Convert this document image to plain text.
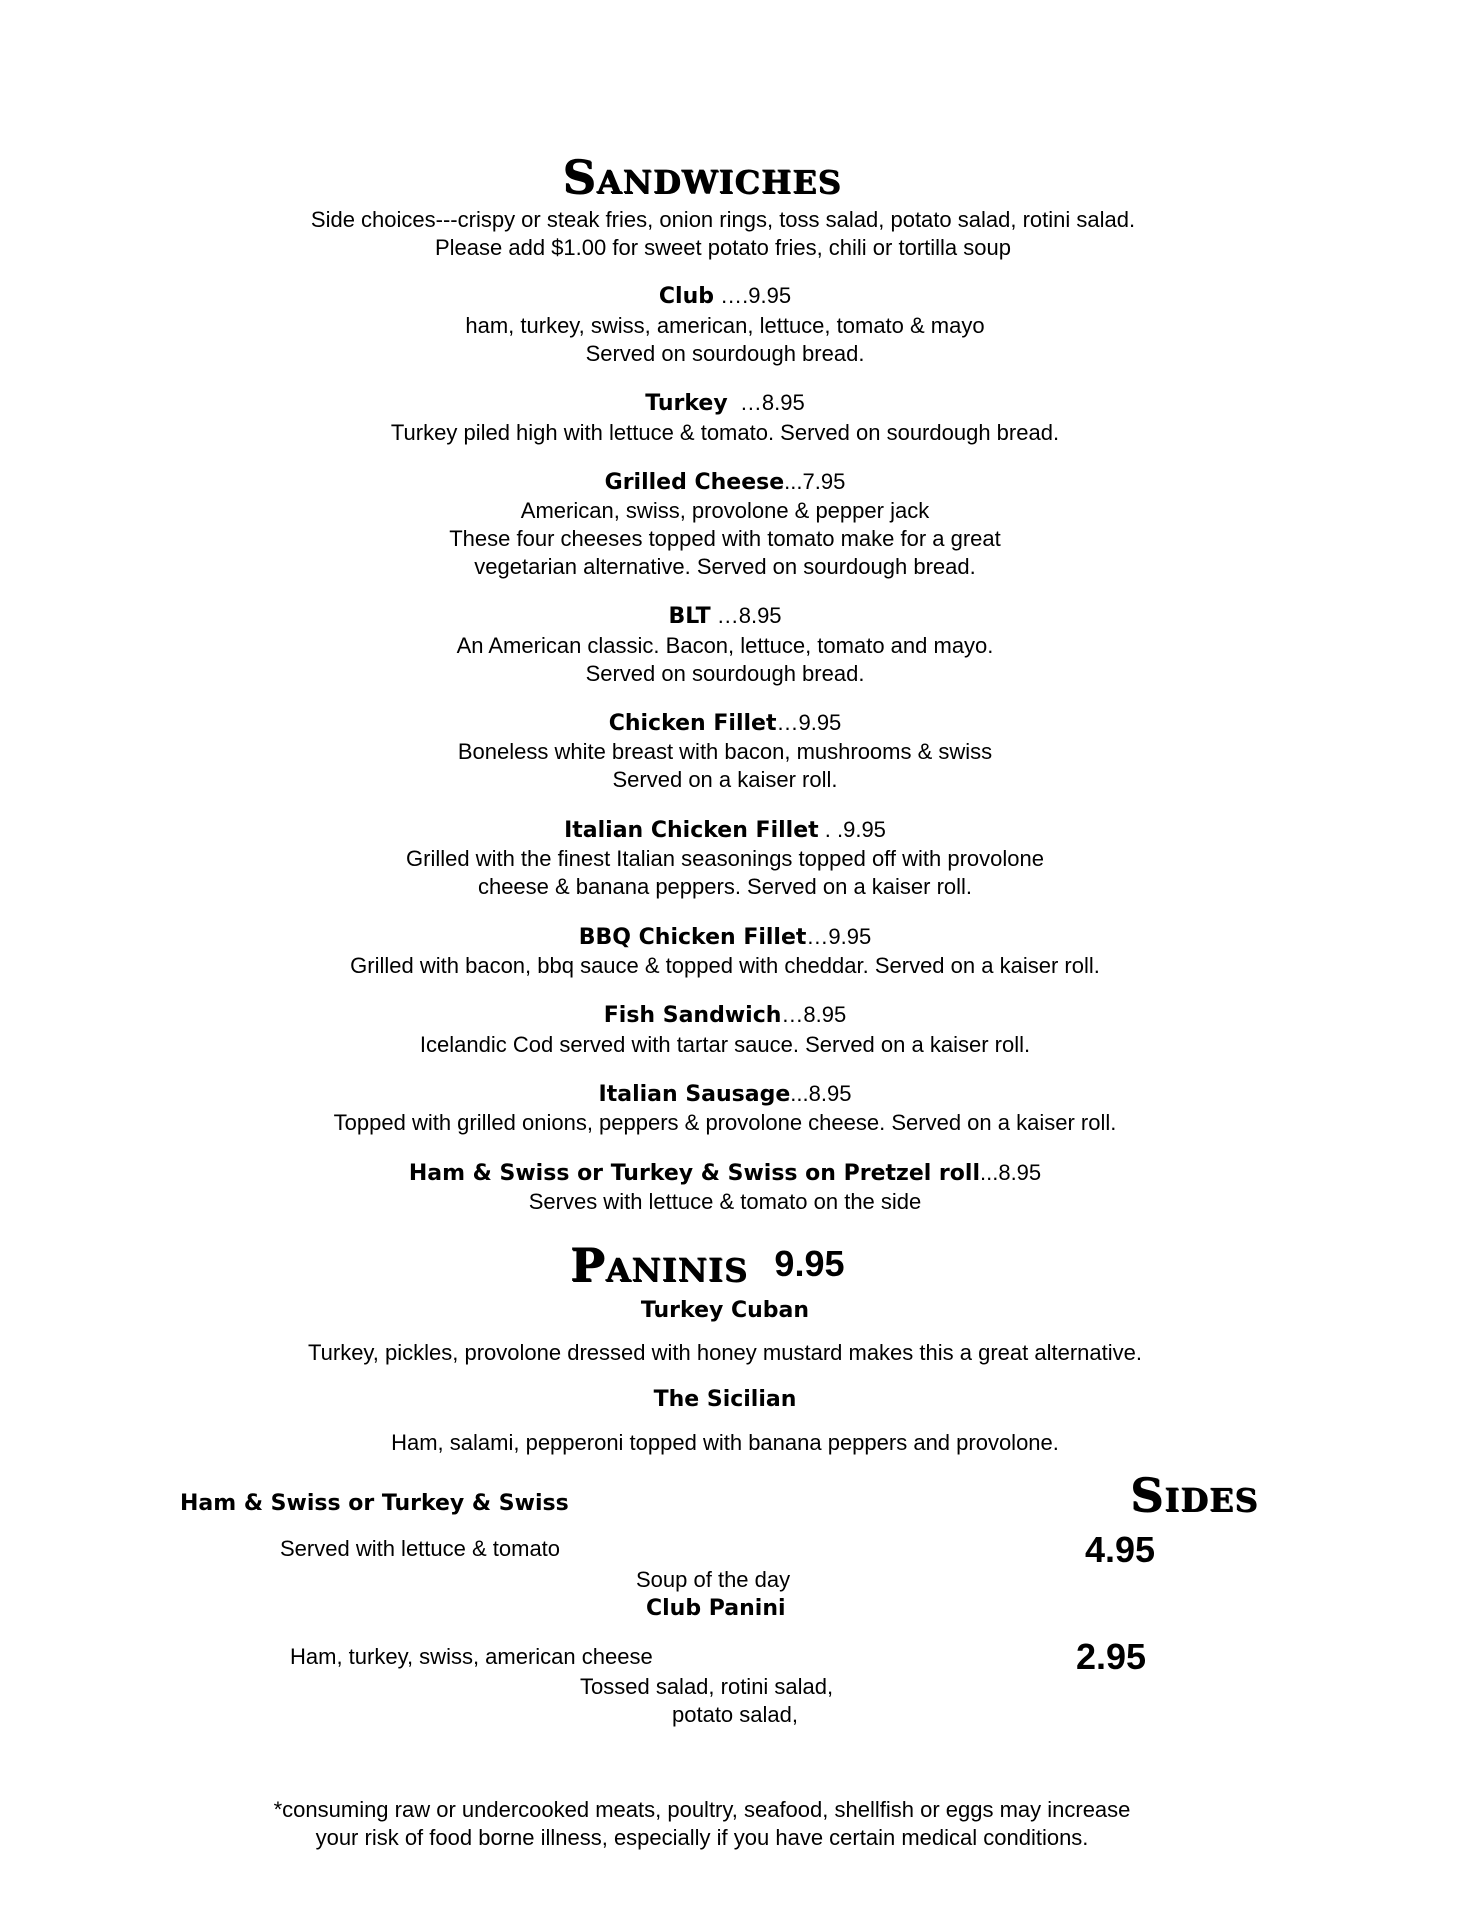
Sandwiches
Side choices---crispy or steak fries, onion rings, toss salad, potato salad, rotini salad.
Please add $1.00 for sweet potato fries, chili or tortilla soup
Club ….9.95
ham, turkey, swiss, american, lettuce, tomato & mayo
Served on sourdough bread.
Turkey  …8.95
Turkey piled high with lettuce & tomato. Served on sourdough bread.
Grilled Cheese...7.95
American, swiss, provolone & pepper jack
These four cheeses topped with tomato make for a great
vegetarian alternative. Served on sourdough bread.
BLT …8.95
An American classic. Bacon, lettuce, tomato and mayo.
Served on sourdough bread.
Chicken Fillet…9.95
Boneless white breast with bacon, mushrooms & swiss
Served on a kaiser roll.
Italian Chicken Fillet . .9.95
Grilled with the finest Italian seasonings topped off with provolone
cheese & banana peppers. Served on a kaiser roll.
BBQ Chicken Fillet…9.95
Grilled with bacon, bbq sauce & topped with cheddar. Served on a kaiser roll.
Fish Sandwich…8.95
Icelandic Cod served with tartar sauce. Served on a kaiser roll.
Italian Sausage...8.95
Topped with grilled onions, peppers & provolone cheese. Served on a kaiser roll.
Ham & Swiss or Turkey & Swiss on Pretzel roll...8.95
Serves with lettuce & tomato on the side
Paninis 9.95
Turkey Cuban
Turkey, pickles, provolone dressed with honey mustard makes this a great alternative.
The Sicilian
Ham, salami, pepperoni topped with banana peppers and provolone.
Ham & Swiss or Turkey & Swiss
Served with lettuce & tomato
Sides
4.95
Soup of the day
Club Panini
Ham, turkey, swiss, american cheese	2.95
Tossed salad, rotini salad,
potato salad,
*consuming raw or undercooked meats, poultry, seafood, shellfish or eggs may increase
your risk of food borne illness, especially if you have certain medical conditions.
